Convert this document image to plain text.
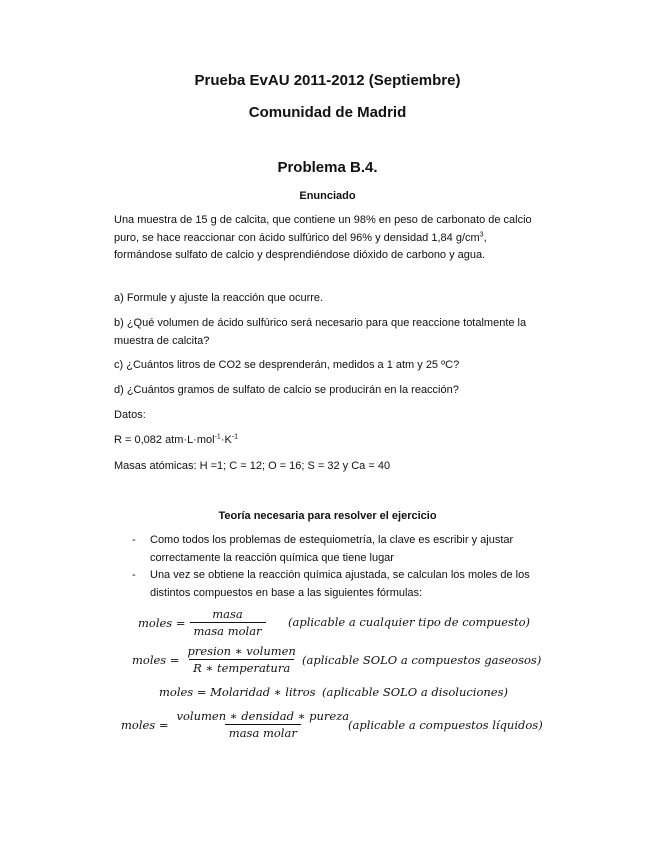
Prueba EvAU 2011-2012 (Septiembre)
Comunidad de Madrid
Problema B.4.
Enunciado

Una muestra de 15 g de calcita, que contiene un 98% en peso de carbonato de calcio puro, se hace reaccionar con ácido sulfúrico del 96% y densidad 1,84 $g/cm^3$, formándose sulfato de calcio y desprendiéndose dióxido de carbono y agua.

a) Formule y ajuste la reacción que ocurre.

b) ¿Qué volumen de ácido sulfúrico será necesario para que reaccione totalmente la muestra de calcita?

c) ¿Cuántos litros de CO2 se desprenderán, medidos a 1 atm y 25 ºC?

d) ¿Cuántos gramos de sulfato de calcio se producirán en la reacción?

Datos:

R = 0,082 $atm\cdot L\cdot mol^{-1}\cdot K^{-1}$

Masas atómicas: H =1; C = 12; O = 16; S = 32 y Ca = 40

Teoría necesaria para resolver el ejercicio
- Como todos los problemas de estequiometría, la clave es escribir y ajustar correctamente la reacción química que tiene lugar
- Una vez se obtiene la reacción química ajustada, se calculan los moles de los distintos compuestos en base a las siguientes fórmulas:
moles = $\frac{\text{masa}}{\text{masa molar}}$ (aplicable a cualquier tipo de compuesto)
moles = $\frac{\text{presion ∗ volumen}}{\text{R ∗ temperatura}}$ (aplicable SOLO a compuestos gaseosos)
moles = Molaridad ∗ litros (aplicable SOLO a disoluciones)
moles = $\frac{\text{volumen ∗ densidad ∗ pureza}}{\text{masa molar}}$
(aplicable a compuestos líquidos)
